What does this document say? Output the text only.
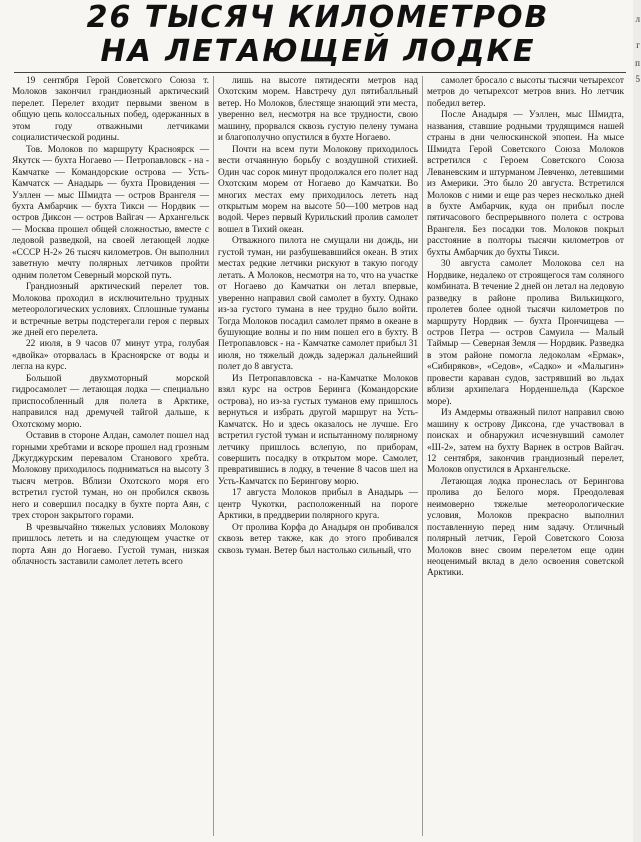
26 ТЫСЯЧ КИЛОМЕТРОВ
НА ЛЕТАЮЩЕЙ ЛОДКЕ

19 сентября Герой Советского Союза т. Молоков закончил грандиозный арктический перелет. Перелет входит первыми звеном в общую цепь колоссальных побед, одержанных в этом году отважными летчиками социалистической родины.

Тов. Молоков по маршруту Красноярск — Якутск — бухта Ногаево — Петропавловск - на - Камчатке — Командорские острова — Усть-Камчатск — Анадырь — бухта Провидения — Уэллен — мыс Шмидта — остров Врангеля — бухта Амбарчик — бухта Тикси — Нордвик — остров Диксон — остров Вайгач — Архангельск — Москва прошел общей сложностью, вместе с ледовой разведкой, на своей летающей лодке «СССР Н-2» 26 тысяч километров. Он выполнил заветную мечту полярных летчиков пройти одним полетом Северный морской путь.

Грандиозный арктический перелет тов. Молокова проходил в исключительно трудных метеорологических условиях. Сплошные туманы и встречные ветры подстерегали героя с первых же дней его перелета.

22 июля, в 9 часов 07 минут утра, голубая «двойка» оторвалась в Красноярске от воды и легла на курс.

Большой двухмоторный морской гидросамолет — летающая лодка — специально приспособленный для полета в Арктике, направился над дремучей тайгой дальше, к Охотскому морю.

Оставив в стороне Алдан, самолет пошел над горными хребтами и вскоре прошел над грозным Джугджурским перевалом Станового хребта. Молокову приходилось подниматься на высоту 3 тысяч метров. Вблизи Охотского моря его встретил густой туман, но он пробился сквозь него и совершил посадку в бухте порта Аян, с трех сторон закрытого горами.

В чрезвычайно тяжелых условиях Молокову пришлось лететь и на следующем участке от порта Аян до Ногаево. Густой туман, низкая облачность заставили самолет лететь всего

лишь на высоте пятидесяти метров над Охотским морем. Навстречу дул пятибалльный ветер. Но Молоков, блестяще знающий эти места, уверенно вел, несмотря на все трудности, свою машину, прорвался сквозь густую пелену тумана и благополучно опустился в бухте Ногаево.

Почти на всем пути Молокову приходилось вести отчаянную борьбу с воздушной стихией. Один час сорок минут продолжался его полет над Охотским морем от Ногаево до Камчатки. Во многих местах ему приходилось лететь над открытым морем на высоте 50—100 метров над водой. Через первый Курильский пролив самолет вошел в Тихий океан.

Отважного пилота не смущали ни дождь, ни густой туман, ни разбушевавшийся океан. В этих местах редкие летчики рискуют в такую погоду летать. А Молоков, несмотря на то, что на участке от Ногаево до Камчатки он летал впервые, уверенно направил свой самолет в бухту. Однако из-за густого тумана в нее трудно было войти. Тогда Молоков посадил самолет прямо в океане в бушующие волны и по ним пошел его в бухту. В Петропавловск - на - Камчатке самолет прибыл 31 июля, но тяжелый дождь задержал дальнейший полет до 8 августа.

Из Петропавловска - на-Камчатке Молоков взял курс на остров Беринга (Командорские острова), но из-за густых туманов ему пришлось вернуться и избрать другой маршрут на Усть-Камчатск. Но и здесь оказалось не лучше. Его встретил густой туман и испытанному полярному летчику пришлось вслепую, по приборам, совершить посадку в открытом море. Самолет, превратившись в лодку, в течение 8 часов шел на Усть-Камчатск по Берингову морю.

17 августа Молоков прибыл в Анадырь — центр Чукотки, расположенный на пороге Арктики, в преддверии полярного круга.

От пролива Корфа до Анадыря он пробивался сквозь ветер также, как до этого пробивался сквозь туман. Ветер был настолько сильный, что

самолет бросало с высоты тысячи четырехсот метров до четырехсот метров вниз. Но летчик победил ветер.

После Анадыря — Уэллен, мыс Шмидта, названия, ставшие родными трудящимся нашей страны в дни челюскинской эпопеи. На мысе Шмидта Герой Советского Союза Молоков встретился с Героем Советского Союза Леваневским и штурманом Левченко, летевшими из Америки. Это было 20 августа. Встретился Молоков с ними и еще раз через несколько дней в бухте Амбарчик, куда он прибыл после пятичасового беспрерывного полета с острова Врангеля. Без посадки тов. Молоков покрыл расстояние в полторы тысячи километров от бухты Амбарчик до бухты Тикси.

30 августа самолет Молокова сел на Нордвике, недалеко от строящегося там соляного комбината. В течение 2 дней он летал на ледовую разведку в районе пролива Вилькицкого, пролетев более одной тысячи километров по маршруту Нордвик — бухта Прончищева — остров Петра — остров Самуила — Малый Таймыр — Северная Земля — Нордвик. Разведка в этом районе помогла ледоколам «Ермак», «Сибиряков», «Седов», «Садко» и «Малыгин» провести караван судов, застрявший во льдах вблизи архипелага Норденшельда (Карское море).

Из Амдермы отважный пилот направил свою машину к острову Диксона, где участвовал в поисках и обнаружил исчезнувший самолет «Ш-2», затем на бухту Варнек в остров Вайгач. 12 сентября, закончив грандиозный перелет, Молоков опустился в Архангельске.

Летающая лодка пронеслась от Берингова пролива до Белого моря. Преодолевая неимоверно тяжелые метеорологические условия, Молоков прекрасно выполнил поставленную перед ним задачу. Отличный полярный летчик, Герой Советского Союза Молоков внес своим перелетом еще один неоценимый вклад в дело освоения советской Арктики.

л
г
п
5
